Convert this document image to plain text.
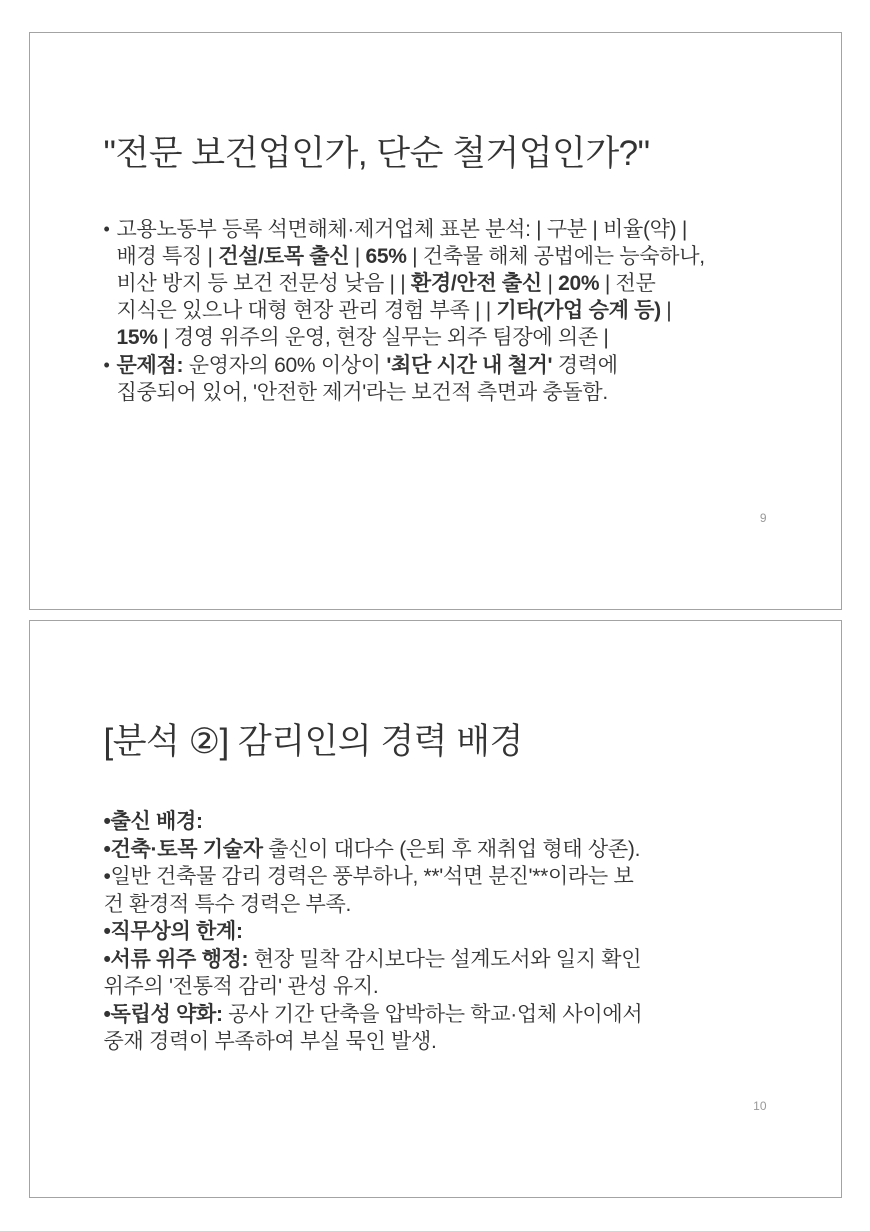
"전문 보건업인가, 단순 철거업인가?"
• 고용노동부 등록 석면해체·제거업체 표본 분석: | 구분 | 비율(약) |
배경 특징 | 건설/토목 출신 | 65% | 건축물 해체 공법에는 능숙하나,
비산 방지 등 보건 전문성 낮음 | | 환경/안전 출신 | 20% | 전문
지식은 있으나 대형 현장 관리 경험 부족 | | 기타(가업 승계 등) |
15% | 경영 위주의 운영, 현장 실무는 외주 팀장에 의존 |
• 문제점: 운영자의 60% 이상이 '최단 시간 내 철거' 경력에
집중되어 있어, '안전한 제거'라는 보건적 측면과 충돌함.
9
[분석 ②] 감리인의 경력 배경
•출신 배경:
•건축·토목 기술자 출신이 대다수 (은퇴 후 재취업 형태 상존).
•일반 건축물 감리 경력은 풍부하나, **'석면 분진'**이라는 보
건 환경적 특수 경력은 부족.
•직무상의 한계:
•서류 위주 행정: 현장 밀착 감시보다는 설계도서와 일지 확인
위주의 '전통적 감리' 관성 유지.
•독립성 약화: 공사 기간 단축을 압박하는 학교·업체 사이에서
중재 경력이 부족하여 부실 묵인 발생.
10
